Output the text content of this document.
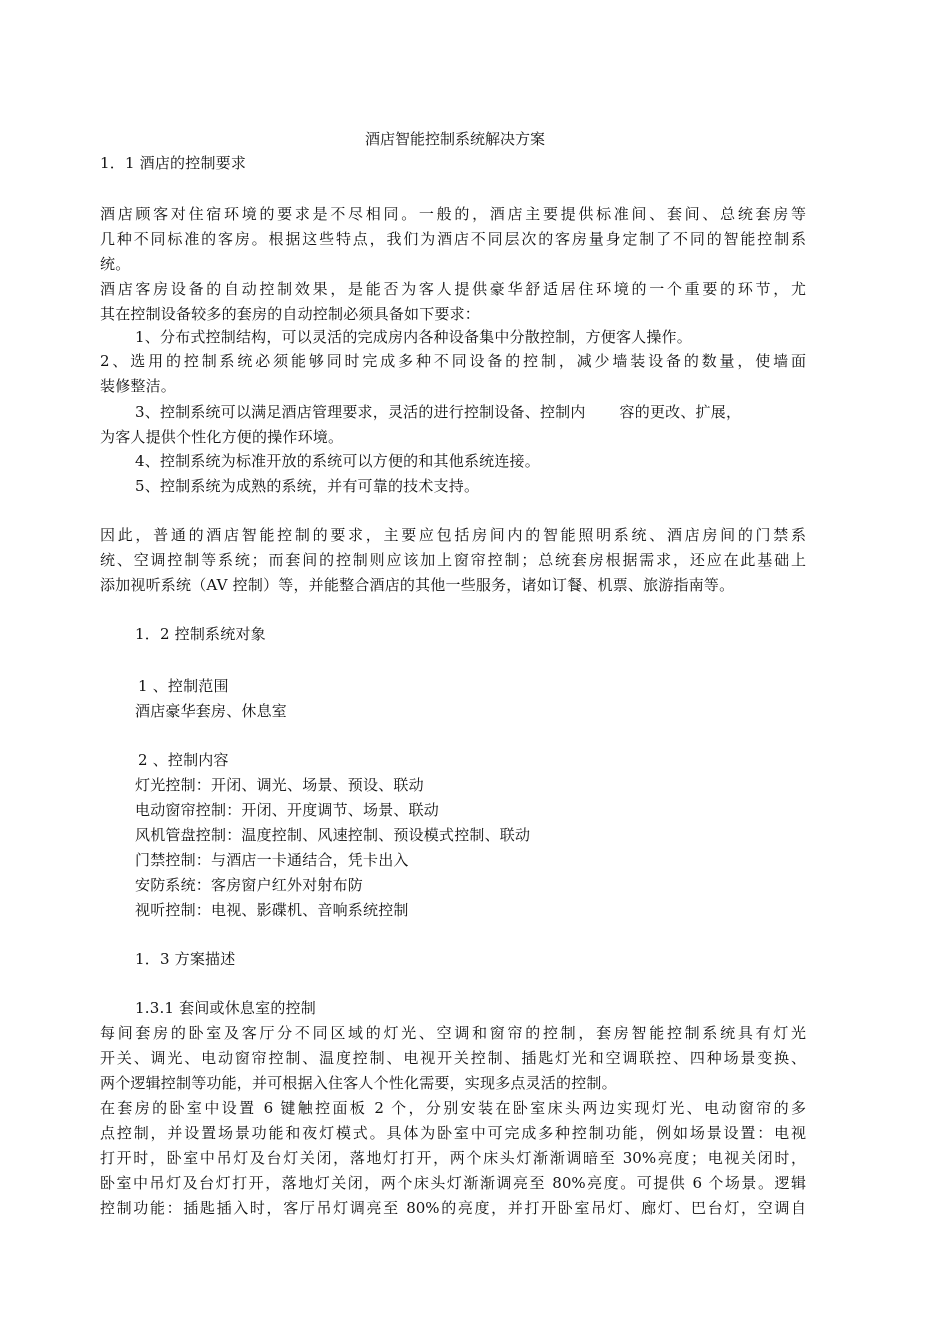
酒店智能控制系统解决方案
1．1 酒店的控制要求
酒店顾客对住宿环境的要求是不尽相同。一般的，酒店主要提供标准间、套间、总统套房等
几种不同标准的客房。根据这些特点，我们为酒店不同层次的客房量身定制了不同的智能控制系
统。
酒店客房设备的自动控制效果，是能否为客人提供豪华舒适居住环境的一个重要的环节，尤
其在控制设备较多的套房的自动控制必须具备如下要求：
1、分布式控制结构，可以灵活的完成房内各种设备集中分散控制，方便客人操作。
2、选用的控制系统必须能够同时完成多种不同设备的控制，减少墙装设备的数量，使墙面
装修整洁。
3、控制系统可以满足酒店管理要求，灵活的进行控制设备、控制内 容的更改、扩展，
为客人提供个性化方便的操作环境。
4、控制系统为标准开放的系统可以方便的和其他系统连接。
5、控制系统为成熟的系统，并有可靠的技术支持。
因此，普通的酒店智能控制的要求，主要应包括房间内的智能照明系统、酒店房间的门禁系
统、空调控制等系统；而套间的控制则应该加上窗帘控制；总统套房根据需求，还应在此基础上
添加视听系统（AV 控制）等，并能整合酒店的其他一些服务，诸如订餐、机票、旅游指南等。
1．2 控制系统对象
1 、控制范围
酒店豪华套房、休息室
2 、控制内容
灯光控制：开闭、调光、场景、预设、联动
电动窗帘控制：开闭、开度调节、场景、联动
风机管盘控制：温度控制、风速控制、预设模式控制、联动
门禁控制：与酒店一卡通结合，凭卡出入
安防系统：客房窗户红外对射布防
视听控制：电视、影碟机、音响系统控制
1．3 方案描述
1.3.1 套间或休息室的控制
每间套房的卧室及客厅分不同区域的灯光、空调和窗帘的控制，套房智能控制系统具有灯光
开关、调光、电动窗帘控制、温度控制、电视开关控制、插匙灯光和空调联控、四种场景变换、
两个逻辑控制等功能，并可根据入住客人个性化需要，实现多点灵活的控制。
在套房的卧室中设置 6 键触控面板 2 个，分别安装在卧室床头两边实现灯光、电动窗帘的多
点控制，并设置场景功能和夜灯模式。具体为卧室中可完成多种控制功能，例如场景设置：电视
打开时，卧室中吊灯及台灯关闭，落地灯打开，两个床头灯渐渐调暗至 30%亮度；电视关闭时，
卧室中吊灯及台灯打开，落地灯关闭，两个床头灯渐渐调亮至 80%亮度。可提供 6 个场景。逻辑
控制功能：插匙插入时，客厅吊灯调亮至 80%的亮度，并打开卧室吊灯、廊灯、巴台灯，空调自
